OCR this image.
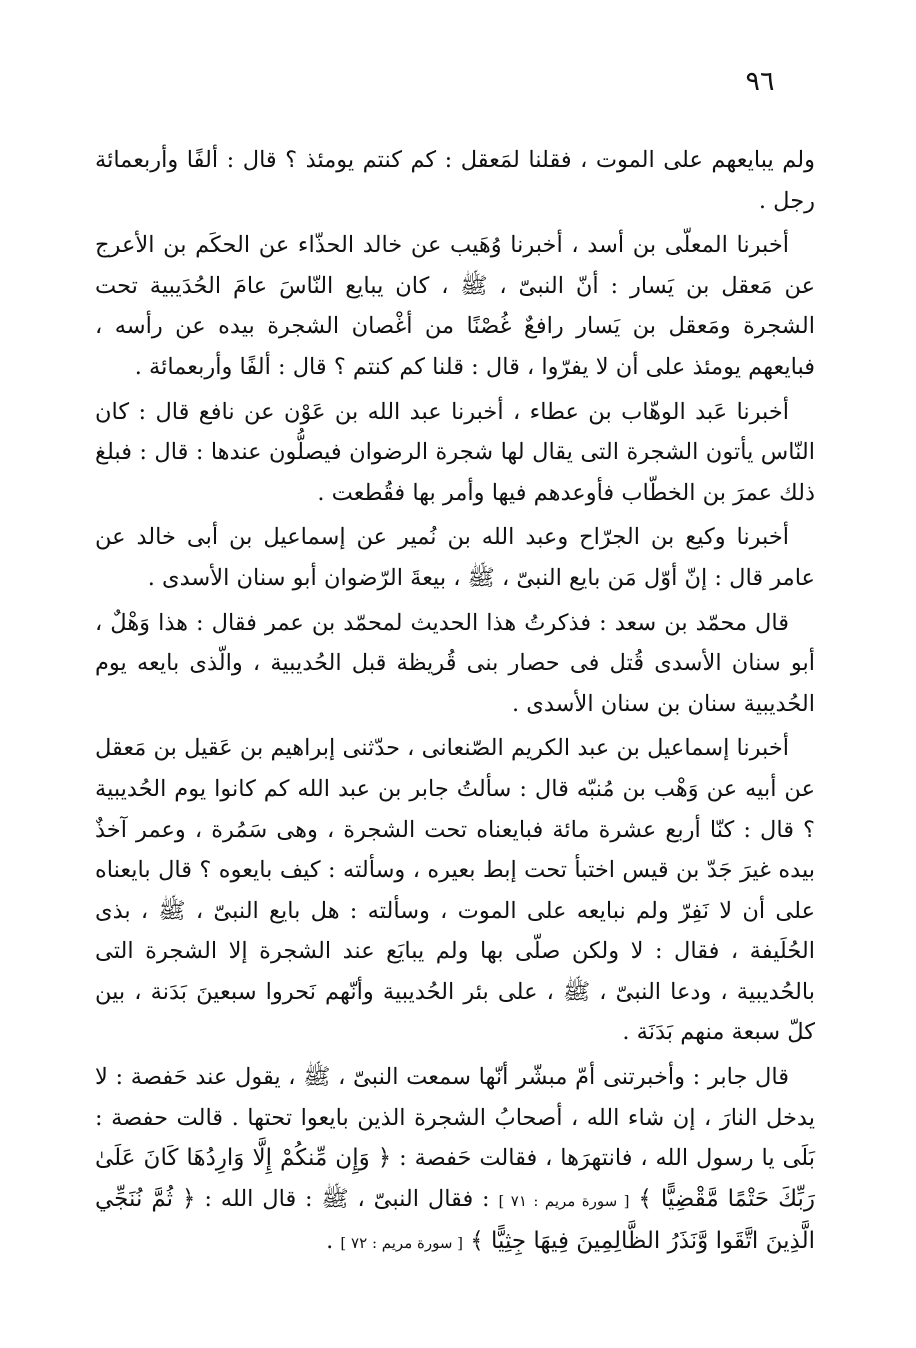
٩٦

ولم يبايعهم على الموت ، فقلنا لمَعقل : كم كنتم يومئذ ؟ قال : ألفًا وأربعمائة رجل .

أخبرنا المعلّى بن أسد ، أخبرنا وُهَيب عن خالد الحذّاء عن الحكَم بن الأعرج عن مَعقل بن يَسار : أنّ النبىّ ، ﷺ ، كان يبايع النّاسَ عامَ الحُدَيبية تحت الشجرة ومَعقل بن يَسار رافعٌ غُصْنًا من أغْصان الشجرة بيده عن رأسه ، فبايعهم يومئذ على أن لا يفرّوا ، قال : قلنا كم كنتم ؟ قال : ألفًا وأربعمائة .

أخبرنا عَبد الوهّاب بن عطاء ، أخبرنا عبد الله بن عَوْن عن نافع قال : كان النّاس يأتون الشجرة التى يقال لها شجرة الرضوان فيصلُّون عندها : قال : فبلغ ذلك عمرَ بن الخطّاب فأوعدهم فيها وأمر بها فقُطعت .

أخبرنا وكيع بن الجرّاح وعبد الله بن نُمير عن إسماعيل بن أبى خالد عن عامر قال : إنّ أوّل مَن بايع النبىّ ، ﷺ ، بيعةَ الرّضوان أبو سنان الأسدى .

قال محمّد بن سعد : فذكرتُ هذا الحديث لمحمّد بن عمر فقال : هذا وَهْلٌ ، أبو سنان الأسدى قُتل فى حصار بنى قُريظة قبل الحُديبية ، والّذى بايعه يوم الحُديبية سنان بن سنان الأسدى .

أخبرنا إسماعيل بن عبد الكريم الصّنعانى ، حدّثنى إبراهيم بن عَقيل بن مَعقل عن أبيه عن وَهْب بن مُنبّه قال : سألتُ جابر بن عبد الله كم كانوا يوم الحُديبية ؟ قال : كنّا أربع عشرة مائة فبايعناه تحت الشجرة ، وهى سَمُرة ، وعمر آخذٌ بيده غيرَ جَدّ بن قيس اختبأ تحت إبط بعيره ، وسألته : كيف بايعوه ؟ قال بايعناه على أن لا نَفِرّ ولم نبايعه على الموت ، وسألته : هل بايع النبىّ ، ﷺ ، بذى الحُلَيفة ، فقال : لا ولكن صلّى بها ولم يبايَع عند الشجرة إلا الشجرة التى بالحُديبية ، ودعا النبىّ ، ﷺ ، على بئر الحُديبية وأنّهم نَحروا سبعينَ بَدَنة ، بين كلّ سبعة منهم بَدَنَة .

قال جابر : وأخبرتنى أمّ مبشّر أنّها سمعت النبىّ ، ﷺ ، يقول عند حَفصة : لا يدخل النارَ ، إن شاء الله ، أصحابُ الشجرة الذين بايعوا تحتها . قالت حفصة : بَلَى يا رسول الله ، فانتهرَها ، فقالت حَفصة : ﴿ وَإِن مِّنكُمْ إِلَّا وَارِدُهَا كَانَ عَلَىٰ رَبِّكَ حَتْمًا مَّقْضِيًّا ﴾ [ سورة مريم : ٧١ ] : فقال النبىّ ، ﷺ : قال الله : ﴿ ثُمَّ نُنَجِّي الَّذِينَ اتَّقَوا وَّنَذَرُ الظَّالِمِينَ فِيهَا جِثِيًّا ﴾ [ سورة مريم : ٧٢ ] .
